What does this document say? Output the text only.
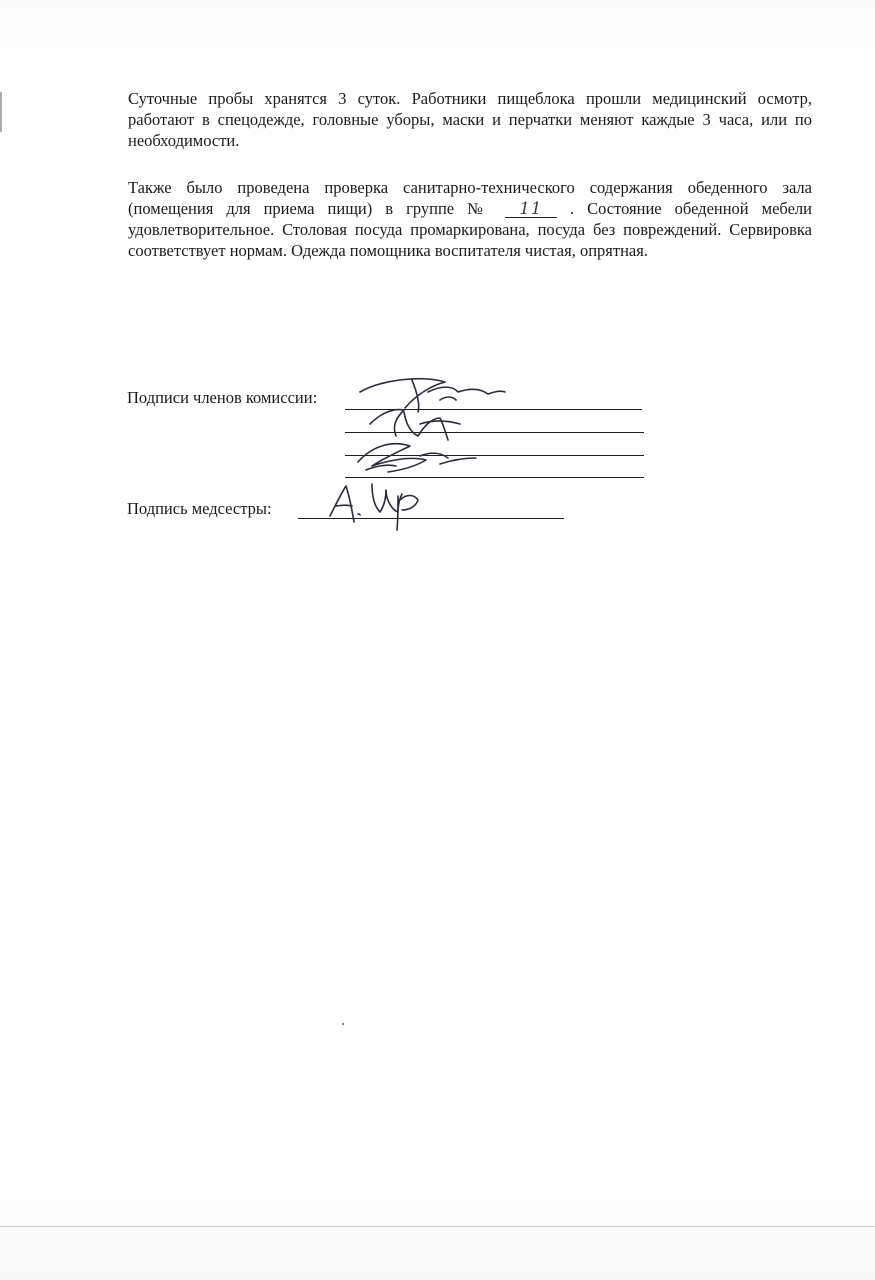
Суточные пробы хранятся 3 суток. Работники пищеблока прошли медицинский осмотр, работают в спецодежде, головные уборы, маски и перчатки меняют каждые 3 часа, или по необходимости.

Также было проведена проверка санитарно-технического содержания обеденного зала (помещения для приема пищи) в группе № 11 . Состояние обеденной мебели удовлетворительное. Столовая посуда промаркирована, посуда без повреждений. Сервировка соответствует нормам. Одежда помощника воспитателя чистая, опрятная.

Подписи членов комиссии:

Подпись медсестры:
